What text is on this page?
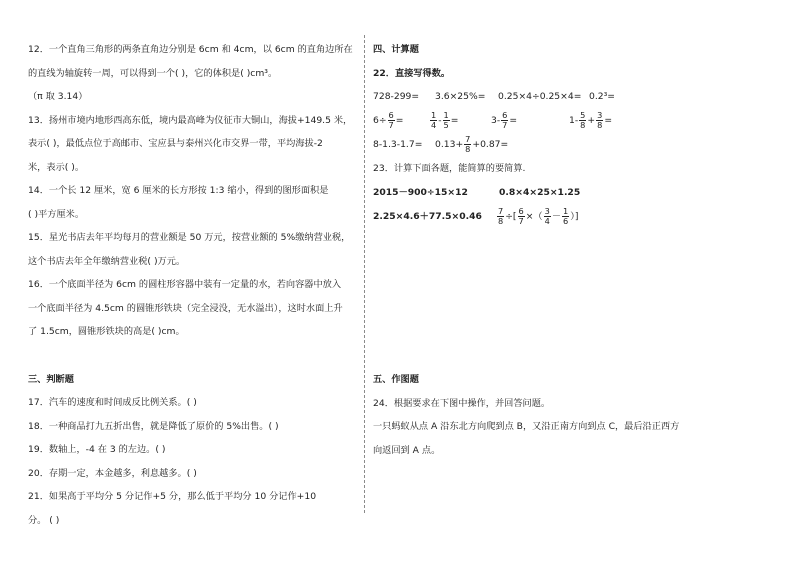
12．一个直角三角形的两条直角边分别是 6cm 和 4cm，以 6cm 的直角边所在
的直线为轴旋转一周，可以得到一个( )，它的体积是( )cm³。
（π 取 3.14）
13．扬州市境内地形西高东低，境内最高峰为仪征市大铜山，海拔+149.5 米，
表示( )，最低点位于高邮市、宝应县与泰州兴化市交界一带，平均海拔-2
米，表示( )。
14．一个长 12 厘米，宽 6 厘米的长方形按 1:3 缩小，得到的图形面积是
( )平方厘米。
15．星光书店去年平均每月的营业额是 50 万元，按营业额的 5%缴纳营业税，
这个书店去年全年缴纳营业税( )万元。
16．一个底面半径为 6cm 的圆柱形容器中装有一定量的水，若向容器中放入
一个底面半径为 4.5cm 的圆锥形铁块（完全浸没，无水溢出），这时水面上升
了 1.5cm，圆锥形铁块的高是( )cm。
三、判断题
17．汽车的速度和时间成反比例关系。( )
18．一种商品打九五折出售，就是降低了原价的 5%出售。( )
19．数轴上，-4 在 3 的左边。( )
20．存期一定，本金越多，利息越多。( )
21．如果高于平均分 5 分记作+5 分，那么低于平均分 10 分记作+10
分。 ( )
四、计算题
22．直接写得数。
728-299= 3.6×25%= 0.25×4÷0.25×4= 0.2³=
$6\div \frac{6}{7}$ =	$\frac{1}{4} - \frac{1}{5}$ =	$3- \frac{6}{7}$ =	$1- \frac{5}{8} + \frac{3}{8}$ =
$8-1.3-1.7= 0.13+ \frac{7}{8} +0.87=$
23．计算下面各题，能简算的要简算.
2015－900÷15×12	0.8×4×25×1.25
$2.25\times 4.6+77.5\times 0.46 \frac{7}{8}$ ÷[ $\frac{6}{7}$ ×（ $\frac{3}{4} - \frac{1}{6}$ ）]
五、作图题
24．根据要求在下图中操作，并回答问题。
一只蚂蚁从点 A 沿东北方向爬到点 B，又沿正南方向到点 C，最后沿正西方
向返回到 A 点。
